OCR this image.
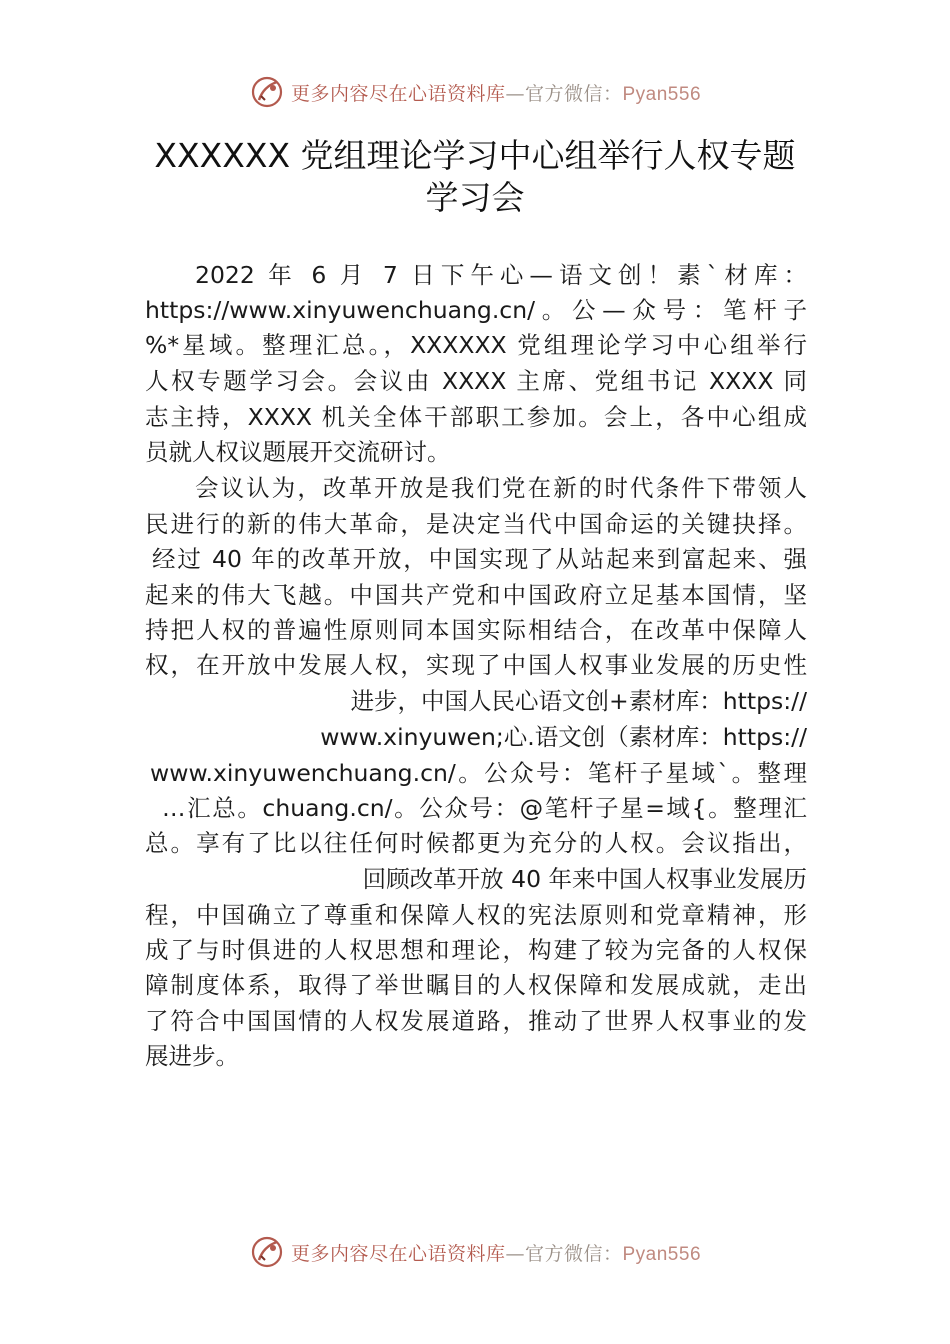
更多内容尽在心语资料库—官方微信：Pyan556
XXXXXX 党组理论学习中心组举行人权专题
学习会
2022 年 6 月 7 日下午心—语文创！素`材库：
https://www.xinyuwenchuang.cn/。公—众号：笔杆子
%*星域。整理汇总。，XXXXXX 党组理论学习中心组举行
人权专题学习会。会议由 XXXX 主席、党组书记 XXXX 同
志主持，XXXX 机关全体干部职工参加。会上，各中心组成
员就人权议题展开交流研讨。
会议认为，改革开放是我们党在新的时代条件下带领人
民进行的新的伟大革命，是决定当代中国命运的关键抉择。
经过 40 年的改革开放，中国实现了从站起来到富起来、强
起来的伟大飞越。中国共产党和中国政府立足基本国情，坚
持把人权的普遍性原则同本国实际相结合，在改革中保障人
权，在开放中发展人权，实现了中国人权事业发展的历史性
进步，中国人民心语文创+素材库：https://
www.xinyuwen;心.语文创（素材库：https://
www.xinyuwenchuang.cn/。公众号：笔杆子星域`。整理
…汇总。chuang.cn/。公众号：@笔杆子星=域{。整理汇
总。享有了比以往任何时候都更为充分的人权。会议指出，
回顾改革开放 40 年来中国人权事业发展历
程，中国确立了尊重和保障人权的宪法原则和党章精神，形
成了与时俱进的人权思想和理论，构建了较为完备的人权保
障制度体系，取得了举世瞩目的人权保障和发展成就，走出
了符合中国国情的人权发展道路，推动了世界人权事业的发
展进步。
更多内容尽在心语资料库—官方微信：Pyan556
